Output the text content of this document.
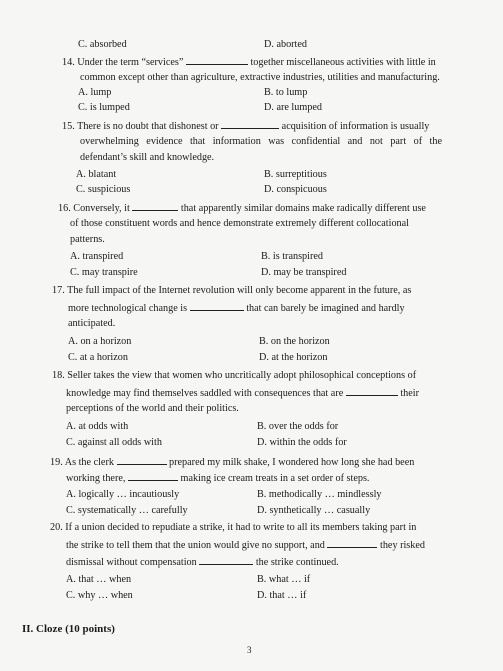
C. absorbed	D. aborted
14. Under the term “services”	together miscellaneous activities with little in
common except other than agriculture, extractive industries, utilities and manufacturing.
A. lump	B. to lump
C. is lumped	D. are lumped
15. There is no doubt that dishonest or	acquisition of information is usually
overwhelming evidence that information was confidential and not part of the
defendant’s skill and knowledge.
A. blatant	B. surreptitious
C. suspicious	D. conspicuous
16. Conversely, it	that apparently similar domains make radically different use
of those constituent words and hence demonstrate extremely different collocational
patterns.
A. transpired	B. is transpired
C. may transpire	D. may be transpired
17. The full impact of the Internet revolution will only become apparent in the future, as
more technological change is	that can barely be imagined and hardly
anticipated.
A. on a horizon	B. on the horizon
C. at a horizon	D. at the horizon
18. Seller takes the view that women who uncritically adopt philosophical conceptions of
knowledge may find themselves saddled with consequences that are	their
perceptions of the world and their politics.
A. at odds with	B. over the odds for
C. against all odds with	D. within the odds for
19. As the clerk	prepared my milk shake, I wondered how long she had been
working there,	making ice cream treats in a set order of steps.
A. logically … incautiously	B. methodically … mindlessly
C. systematically … carefully	D. synthetically … casually
20. If a union decided to repudiate a strike, it had to write to all its members taking part in
the strike to tell them that the union would give no support, and	they risked
dismissal without compensation	the strike continued.
A. that … when	B. what … if
C. why … when	D. that … if
II. Cloze (10 points)
3
